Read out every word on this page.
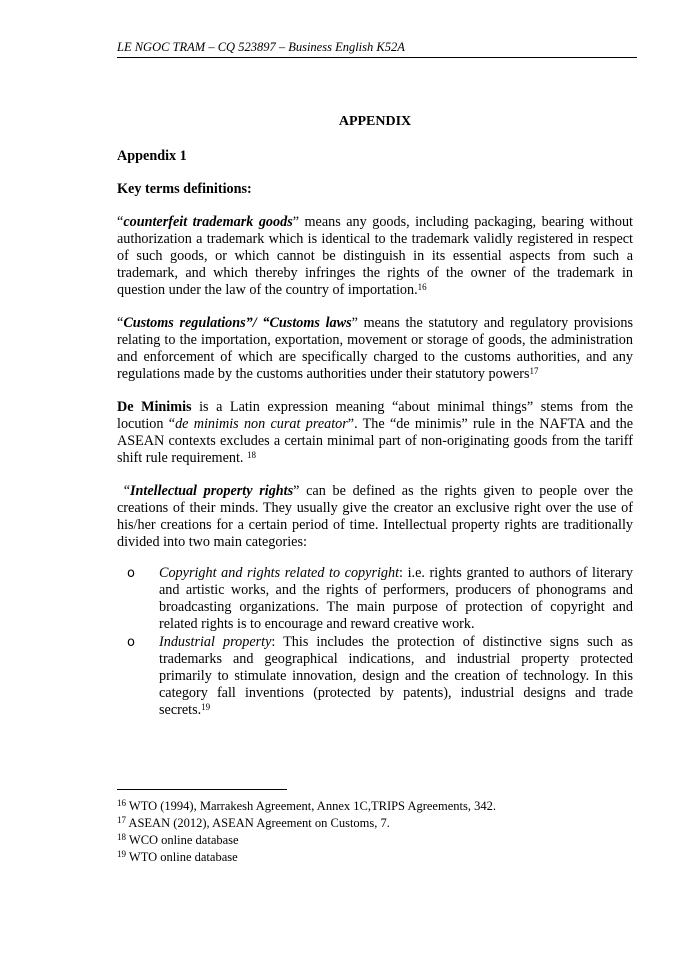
LE NGOC TRAM – CQ 523897 – Business English K52A
APPENDIX
Appendix 1
Key terms definitions:

“counterfeit trademark goods” means any goods, including packaging, bearing without authorization a trademark which is identical to the trademark validly registered in respect of such goods, or which cannot be distinguish in its essential aspects from such a trademark, and which thereby infringes the rights of the owner of the trademark in question under the law of the country of importation.$^{16}$

“Customs regulations”/ “Customs laws” means the statutory and regulatory provisions relating to the importation, exportation, movement or storage of goods, the administration and enforcement of which are specifically charged to the customs authorities, and any regulations made by the customs authorities under their statutory powers$^{17}$

De Minimis is a Latin expression meaning “about minimal things” stems from the locution “de minimis non curat preator”. The “de minimis” rule in the NAFTA and the ASEAN contexts excludes a certain minimal part of non-originating goods from the tariff shift rule requirement. $^{18}$

“Intellectual property rights” can be defined as the rights given to people over the creations of their minds. They usually give the creator an exclusive right over the use of his/her creations for a certain period of time. Intellectual property rights are traditionally divided into two main categories:

o Copyright and rights related to copyright: i.e. rights granted to authors of literary and artistic works, and the rights of performers, producers of phonograms and broadcasting organizations. The main purpose of protection of copyright and related rights is to encourage and reward creative work.
o Industrial property: This includes the protection of distinctive signs such as trademarks and geographical indications, and industrial property protected primarily to stimulate innovation, design and the creation of technology. In this category fall inventions (protected by patents), industrial designs and trade secrets.$^{19}$
$^{16}$ WTO (1994), Marrakesh Agreement, Annex 1C,TRIPS Agreements, 342.
$^{17}$ ASEAN (2012), ASEAN Agreement on Customs, 7.
$^{18}$ WCO online database
$^{19}$ WTO online database
